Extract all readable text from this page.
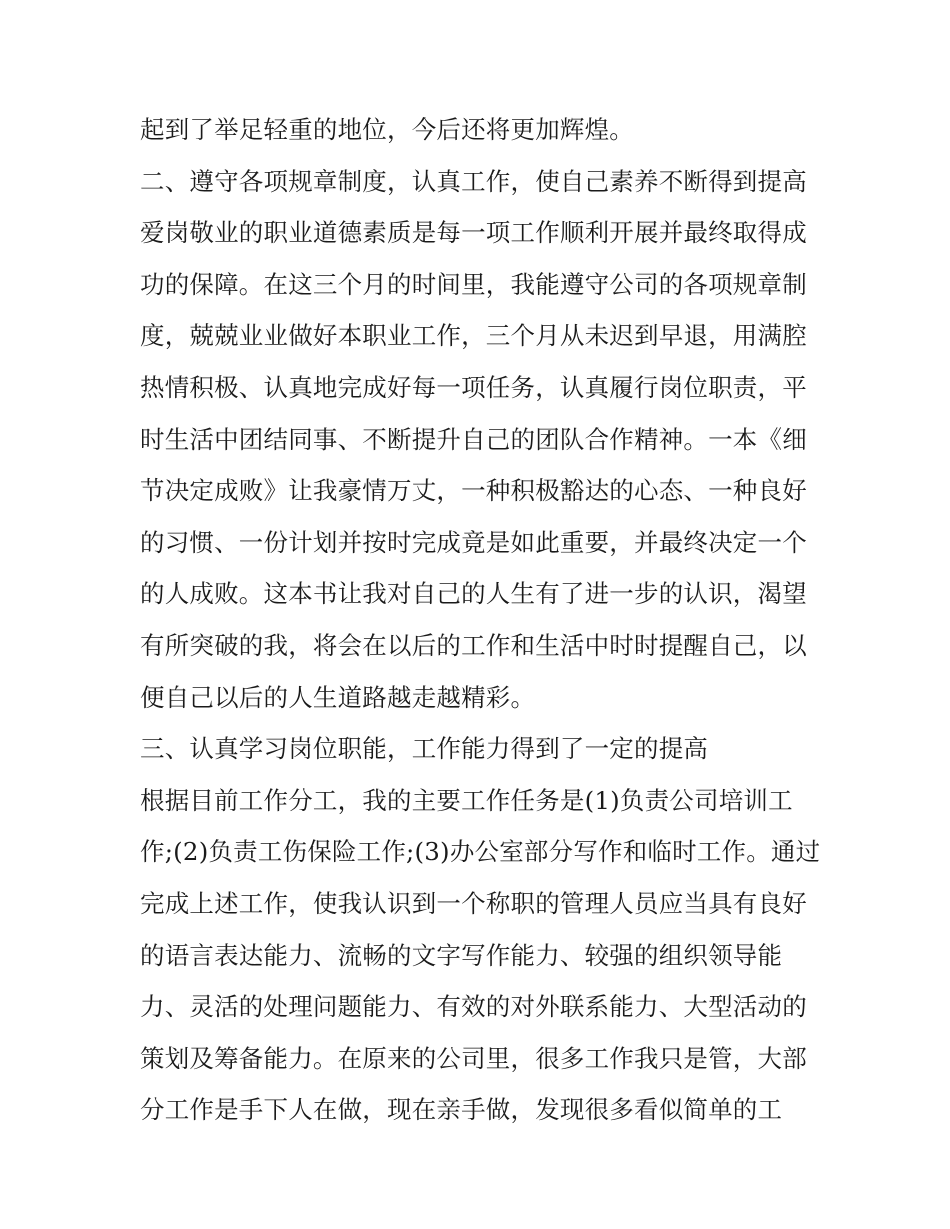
起到了举足轻重的地位，今后还将更加辉煌。
二、遵守各项规章制度，认真工作，使自己素养不断得到提高
爱岗敬业的职业道德素质是每一项工作顺利开展并最终取得成
功的保障。在这三个月的时间里，我能遵守公司的各项规章制
度，兢兢业业做好本职业工作，三个月从未迟到早退，用满腔
热情积极、认真地完成好每一项任务，认真履行岗位职责，平
时生活中团结同事、不断提升自己的团队合作精神。一本《细
节决定成败》让我豪情万丈，一种积极豁达的心态、一种良好
的习惯、一份计划并按时完成竟是如此重要，并最终决定一个
的人成败。这本书让我对自己的人生有了进一步的认识，渴望
有所突破的我，将会在以后的工作和生活中时时提醒自己，以
便自己以后的人生道路越走越精彩。
三、认真学习岗位职能，工作能力得到了一定的提高
根据目前工作分工，我的主要工作任务是(1)负责公司培训工
作;(2)负责工伤保险工作;(3)办公室部分写作和临时工作。通过
完成上述工作，使我认识到一个称职的管理人员应当具有良好
的语言表达能力、流畅的文字写作能力、较强的组织领导能
力、灵活的处理问题能力、有效的对外联系能力、大型活动的
策划及筹备能力。在原来的公司里，很多工作我只是管，大部
分工作是手下人在做，现在亲手做，发现很多看似简单的工
